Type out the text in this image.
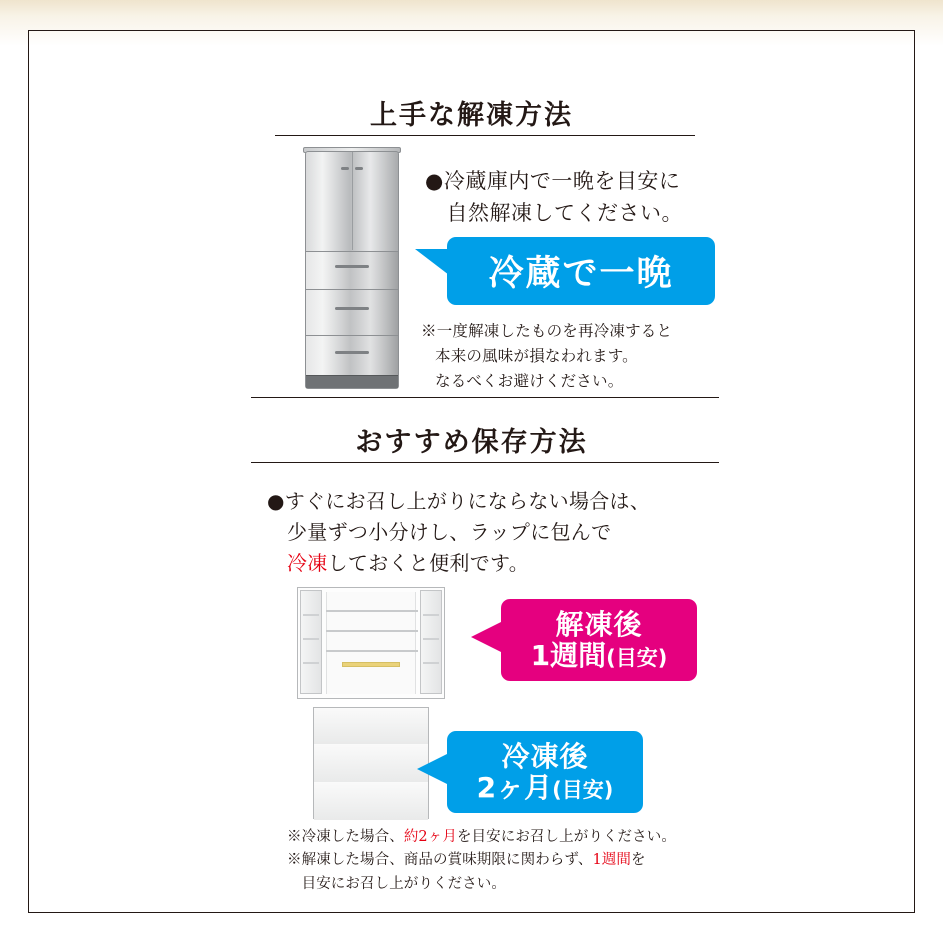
上手な解凍方法
●冷蔵庫内で一晩を目安に
　自然解凍してください。
冷蔵で一晩
※一度解凍したものを再冷凍すると
本来の風味が損なわれます。
なるべくお避けください。
おすすめ保存方法
●すぐにお召し上がりにならない場合は、
少量ずつ小分けし、ラップに包んで
冷凍しておくと便利です。
解凍後
1週間(目安)
冷凍後
2ヶ月(目安)
※冷凍した場合、約2ヶ月を目安にお召し上がりください。
※解凍した場合、商品の賞味期限に関わらず、1週間を
　目安にお召し上がりください。
